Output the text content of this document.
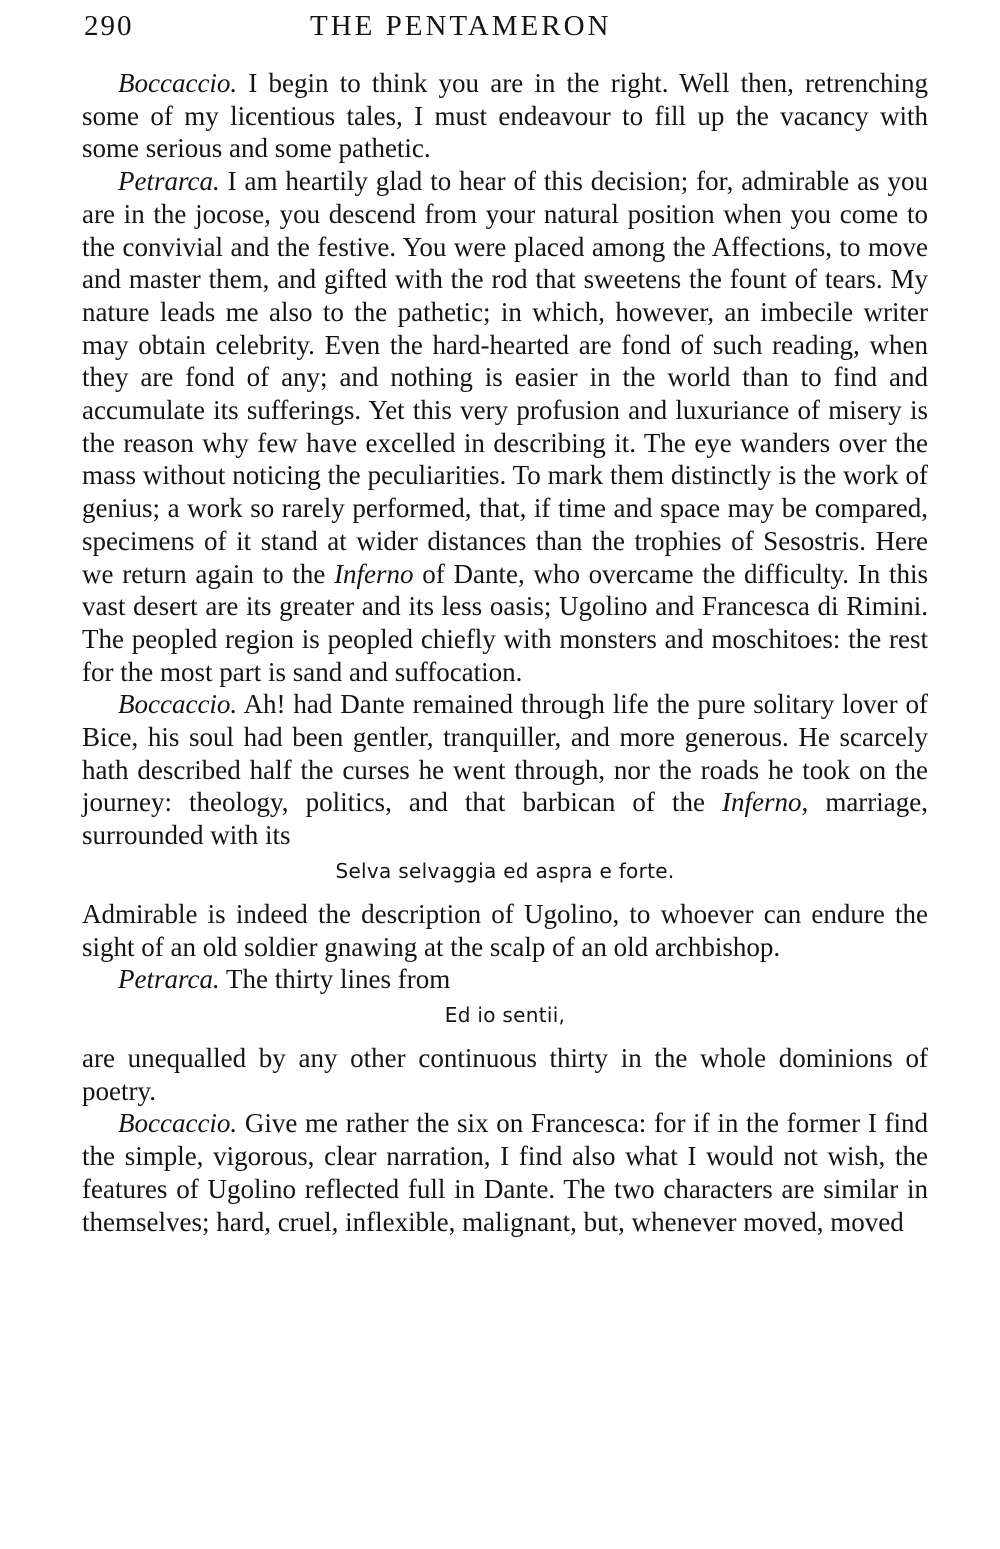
290	THE PENTAMERON

Boccaccio. I begin to think you are in the right. Well then, retrenching some of my licentious tales, I must endeavour to fill up the vacancy with some serious and some pathetic.

Petrarca. I am heartily glad to hear of this decision; for, admirable as you are in the jocose, you descend from your natural position when you come to the convivial and the festive. You were placed among the Affections, to move and master them, and gifted with the rod that sweetens the fount of tears. My nature leads me also to the pathetic; in which, however, an imbecile writer may obtain celebrity. Even the hard-hearted are fond of such reading, when they are fond of any; and nothing is easier in the world than to find and accumulate its sufferings. Yet this very profusion and luxuriance of misery is the reason why few have excelled in describing it. The eye wanders over the mass without noticing the peculiarities. To mark them distinctly is the work of genius; a work so rarely performed, that, if time and space may be compared, specimens of it stand at wider distances than the trophies of Sesostris. Here we return again to the Inferno of Dante, who overcame the difficulty. In this vast desert are its greater and its less oasis; Ugolino and Francesca di Rimini. The peopled region is peopled chiefly with monsters and moschitoes: the rest for the most part is sand and suffocation.

Boccaccio. Ah! had Dante remained through life the pure solitary lover of Bice, his soul had been gentler, tranquiller, and more generous. He scarcely hath described half the curses he went through, nor the roads he took on the journey: theology, politics, and that barbican of the Inferno, marriage, surrounded with its

Selva selvaggia ed aspra e forte.

Admirable is indeed the description of Ugolino, to whoever can endure the sight of an old soldier gnawing at the scalp of an old archbishop.

Petrarca. The thirty lines from

Ed io sentii,

are unequalled by any other continuous thirty in the whole dominions of poetry.

Boccaccio. Give me rather the six on Francesca: for if in the former I find the simple, vigorous, clear narration, I find also what I would not wish, the features of Ugolino reflected full in Dante. The two characters are similar in themselves; hard, cruel, inflexible, malignant, but, whenever moved, moved
